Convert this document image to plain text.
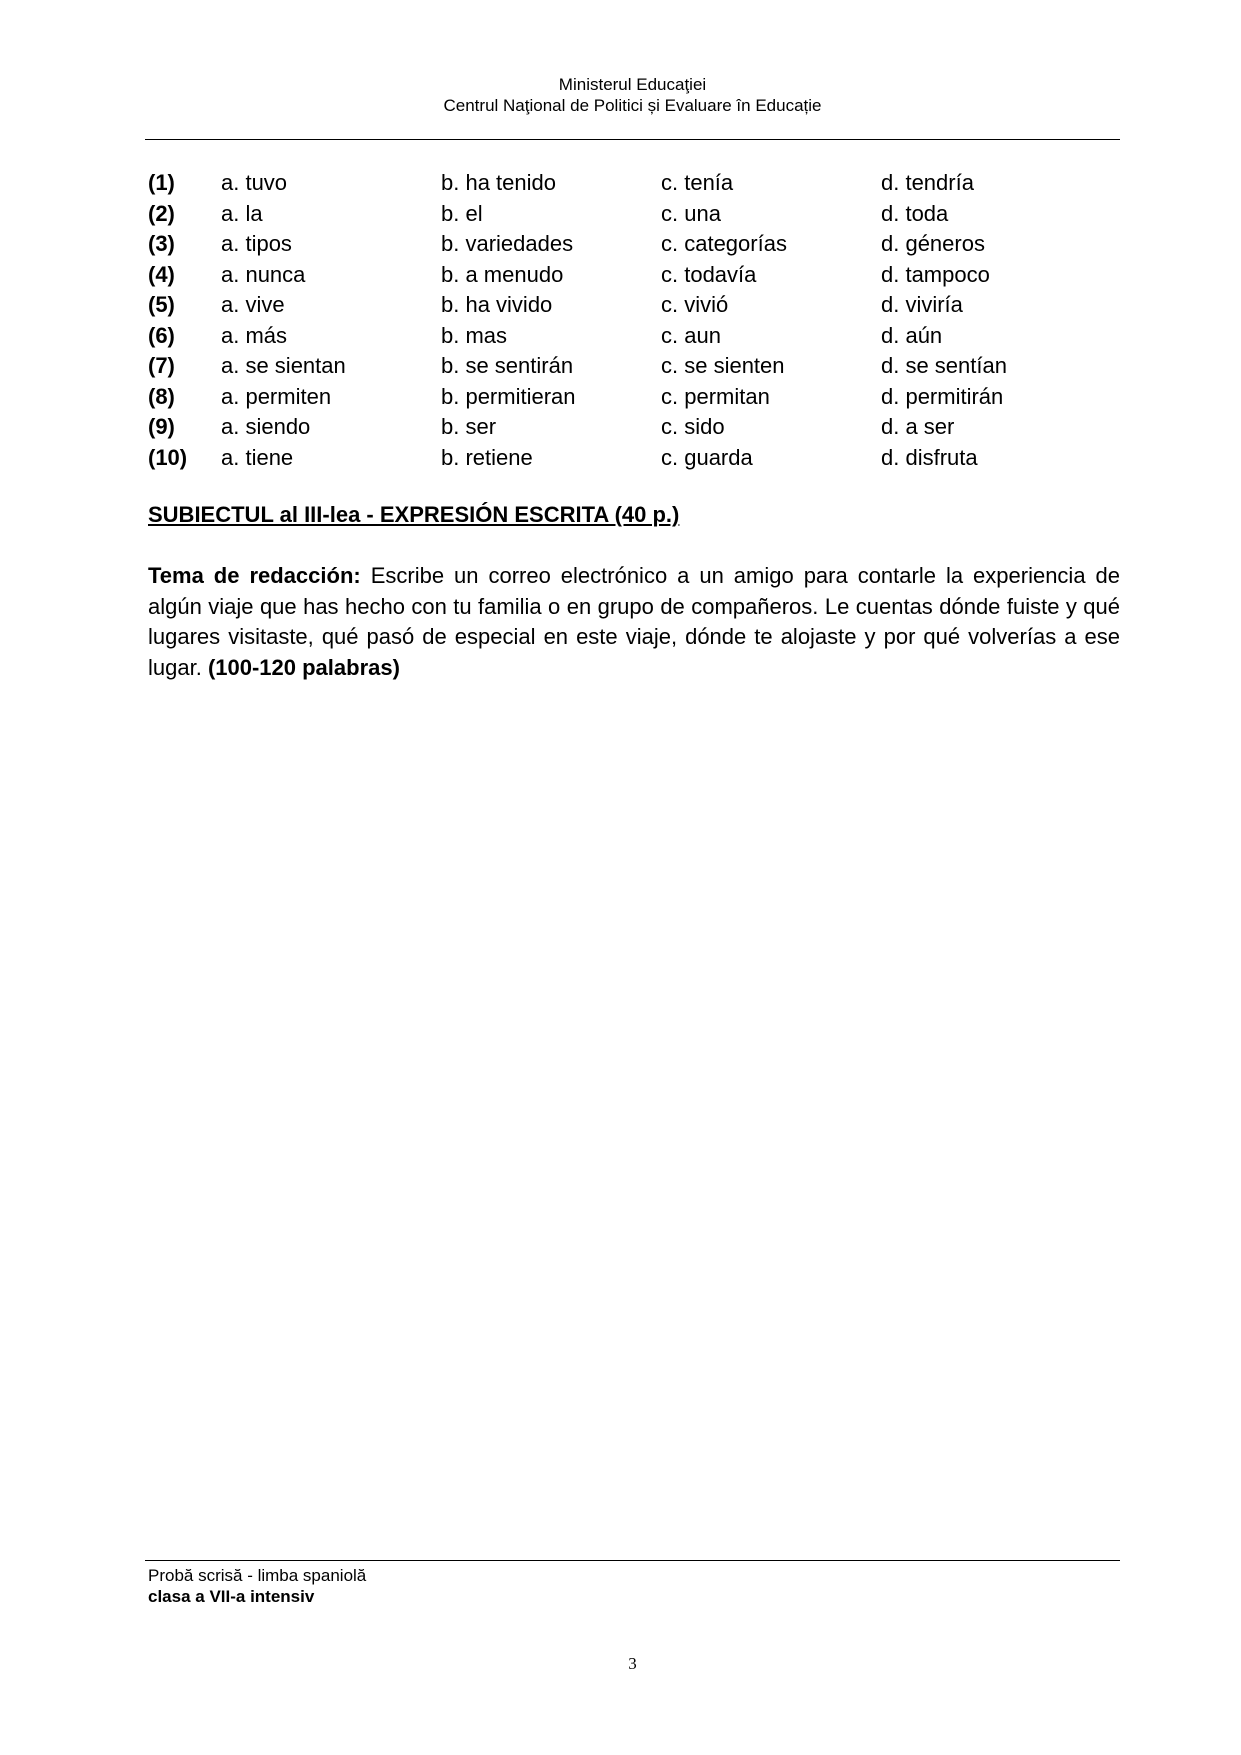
Ministerul Educaţiei
Centrul Naţional de Politici și Evaluare în Educație
(1) a. tuvo	b. ha tenido	c. tenía	d. tendría
(2) a. la	b. el	c. una	d. toda
(3) a. tipos	b. variedades	c. categorías	d. géneros
(4) a. nunca	b. a menudo	c. todavía	d. tampoco
(5) a. vive	b. ha vivido	c. vivió	d. viviría
(6) a. más	b. mas	c. aun	d. aún
(7) a. se sientan	b. se sentirán	c. se sienten	d. se sentían
(8) a. permiten	b. permitieran	c. permitan	d. permitirán
(9) a. siendo	b. ser	c. sido	d. a ser
(10) a. tiene	b. retiene	c. guarda	d. disfruta
SUBIECTUL al III-lea - EXPRESIÓN ESCRITA (40 p.)

Tema de redacción: Escribe un correo electrónico a un amigo para contarle la experiencia de algún viaje que has hecho con tu familia o en grupo de compañeros. Le cuentas dónde fuiste y qué lugares visitaste, qué pasó de especial en este viaje, dónde te alojaste y por qué volverías a ese lugar. (100-120 palabras)

Probă scrisă - limba spaniolă
clasa a VII-a intensiv
3
